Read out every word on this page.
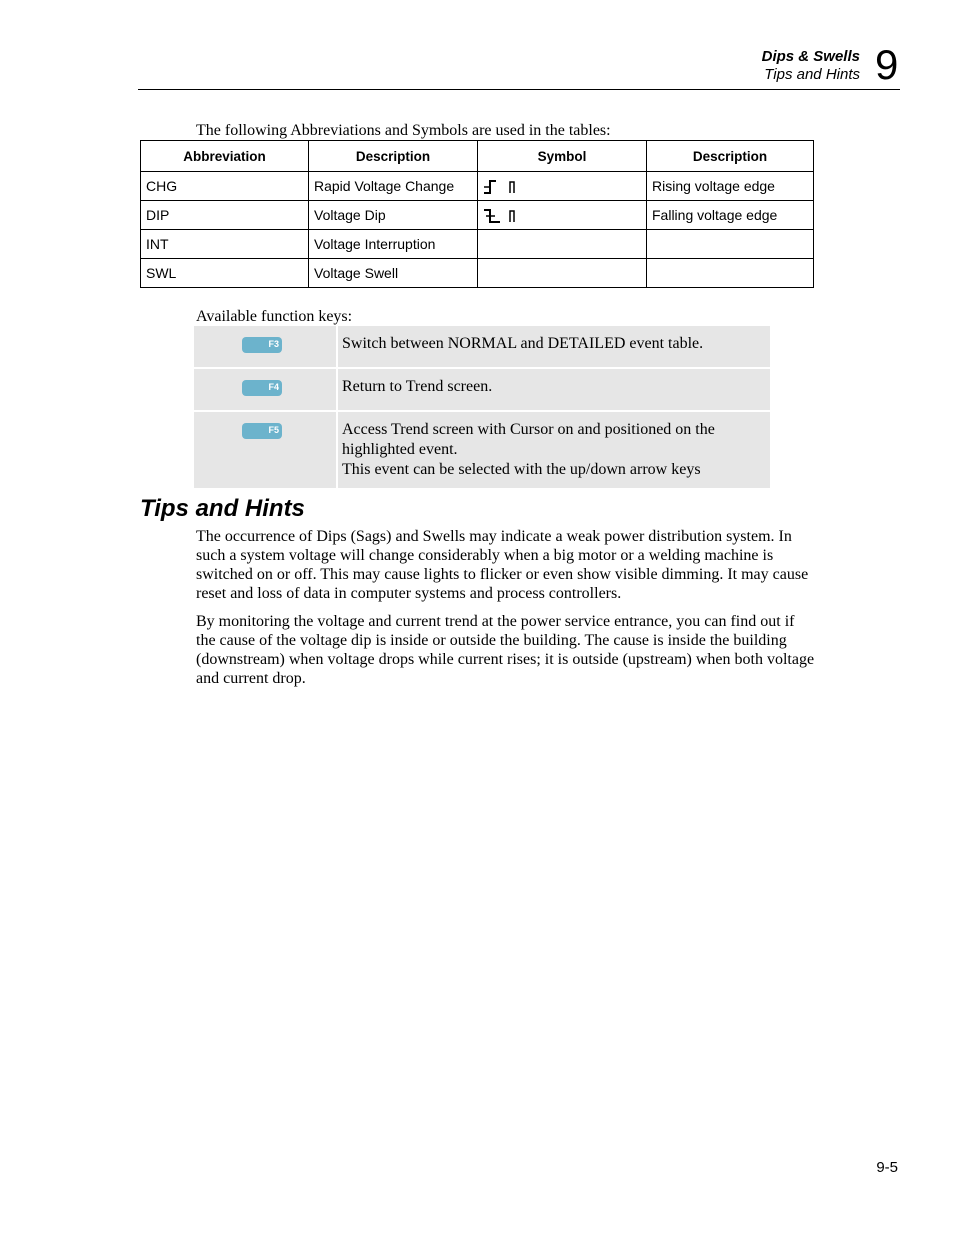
Dips & Swells
Tips and Hints 9
The following Abbreviations and Symbols are used in the tables:
Abbreviation	Description	Symbol	Description
CHG	Rapid Voltage Change		Rising voltage edge
DIP	Voltage Dip		Falling voltage edge
INT	Voltage Interruption		
SWL	Voltage Swell		
Available function keys:
F3	Switch between NORMAL and DETAILED event table.

F4	Return to Trend screen.

F5	Access Trend screen with Cursor on and positioned on the
highlighted event.
This event can be selected with the up/down arrow keys
Tips and Hints

The occurrence of Dips (Sags) and Swells may indicate a weak power distribution system. In such a system voltage will change considerably when a big motor or a welding machine is switched on or off. This may cause lights to flicker or even show visible dimming. It may cause reset and loss of data in computer systems and process controllers.

By monitoring the voltage and current trend at the power service entrance, you can find out if the cause of the voltage dip is inside or outside the building. The cause is inside the building (downstream) when voltage drops while current rises; it is outside (upstream) when both voltage and current drop.

9-5
